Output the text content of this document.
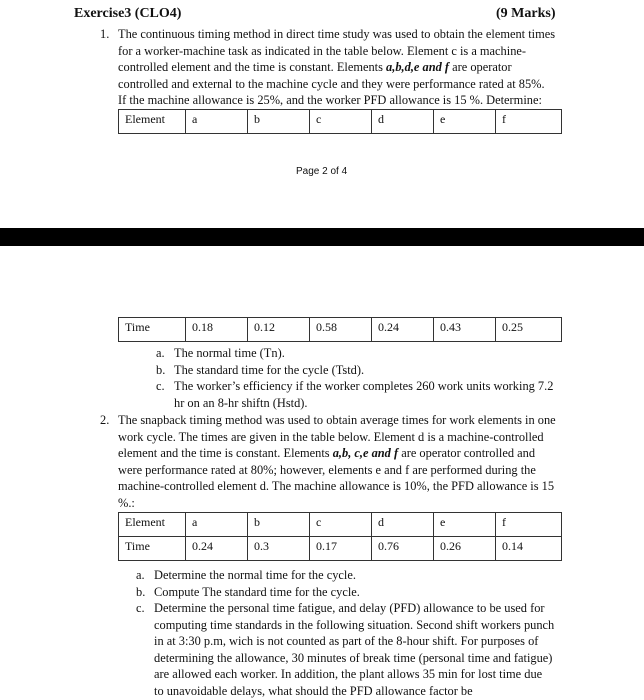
Exercise3 (CLO4)	(9 Marks)
1. The continuous timing method in direct time study was used to obtain the element times
for a worker-machine task as indicated in the table below. Element c is a machine-
controlled element and the time is constant. Elements a,b,d,e and f are operator
controlled and external to the machine cycle and they were performance rated at 85%.
If the machine allowance is 25%, and the worker PFD allowance is 15 %. Determine:
Element	a	b	c	d	e	f
Page 2 of 4
Time	0.18	0.12	0.58	0.24	0.43	0.25
a. The normal time (Tn).
b. The standard time for the cycle (Tstd).
c. The worker’s efficiency if the worker completes 260 work units working 7.2
hr on an 8-hr shiftn (Hstd).
2. The snapback timing method was used to obtain average times for work elements in one
work cycle. The times are given in the table below. Element d is a machine-controlled
element and the time is constant. Elements a,b, c,e and f are operator controlled and
were performance rated at 80%; however, elements e and f are performed during the
machine-controlled element d. The machine allowance is 10%, the PFD allowance is 15
%.:
Element	a	b	c	d	e	f
Time	0.24	0.3	0.17	0.76	0.26	0.14
a. Determine the normal time for the cycle.
b. Compute The standard time for the cycle.
c. Determine the personal time fatigue, and delay (PFD) allowance to be used for
computing time standards in the following situation. Second shift workers punch
in at 3:30 p.m, wich is not counted as part of the 8-hour shift. For purposes of
determining the allowance, 30 minutes of break time (personal time and fatigue)
are allowed each worker. In addition, the plant allows 35 min for lost time due
to unavoidable delays, what should the PFD allowance factor be
